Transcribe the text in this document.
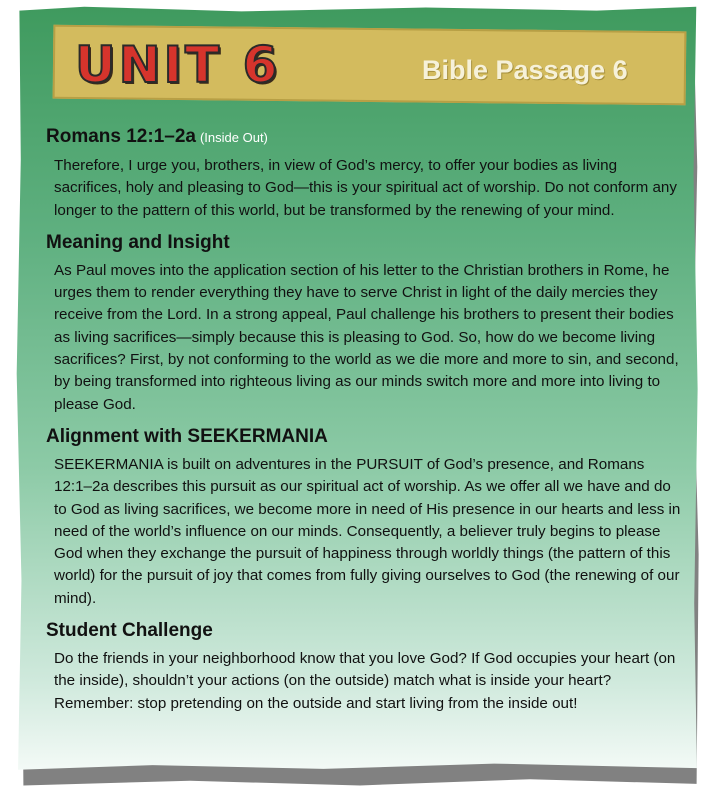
UNIT 6	Bible Passage 6
Romans 12:1–2a (Inside Out)

Therefore, I urge you, brothers, in view of God’s mercy, to offer your bodies as living sacrifices, holy and pleasing to God—this is your spiritual act of worship. Do not conform any longer to the pattern of this world, but be transformed by the renewing of your mind.

Meaning and Insight

As Paul moves into the application section of his letter to the Christian brothers in Rome, he urges them to render everything they have to serve Christ in light of the daily mercies they receive from the Lord. In a strong appeal, Paul challenge his brothers to present their bodies as living sacrifices—simply because this is pleasing to God. So, how do we become living sacrifices? First, by not conforming to the world as we die more and more to sin, and second, by being transformed into righteous living as our minds switch more and more into living to please God.

Alignment with SEEKERMANIA

SEEKERMANIA is built on adventures in the PURSUIT of God’s presence, and Romans 12:1–2a describes this pursuit as our spiritual act of worship. As we offer all we have and do to God as living sacrifices, we become more in need of His presence in our hearts and less in need of the world’s influence on our minds. Consequently, a believer truly begins to please God when they exchange the pursuit of happiness through worldly things (the pattern of this world) for the pursuit of joy that comes from fully giving ourselves to God (the renewing of our mind).

Student Challenge

Do the friends in your neighborhood know that you love God? If God occupies your heart (on the inside), shouldn’t your actions (on the outside) match what is inside your heart? Remember: stop pretending on the outside and start living from the inside out!
